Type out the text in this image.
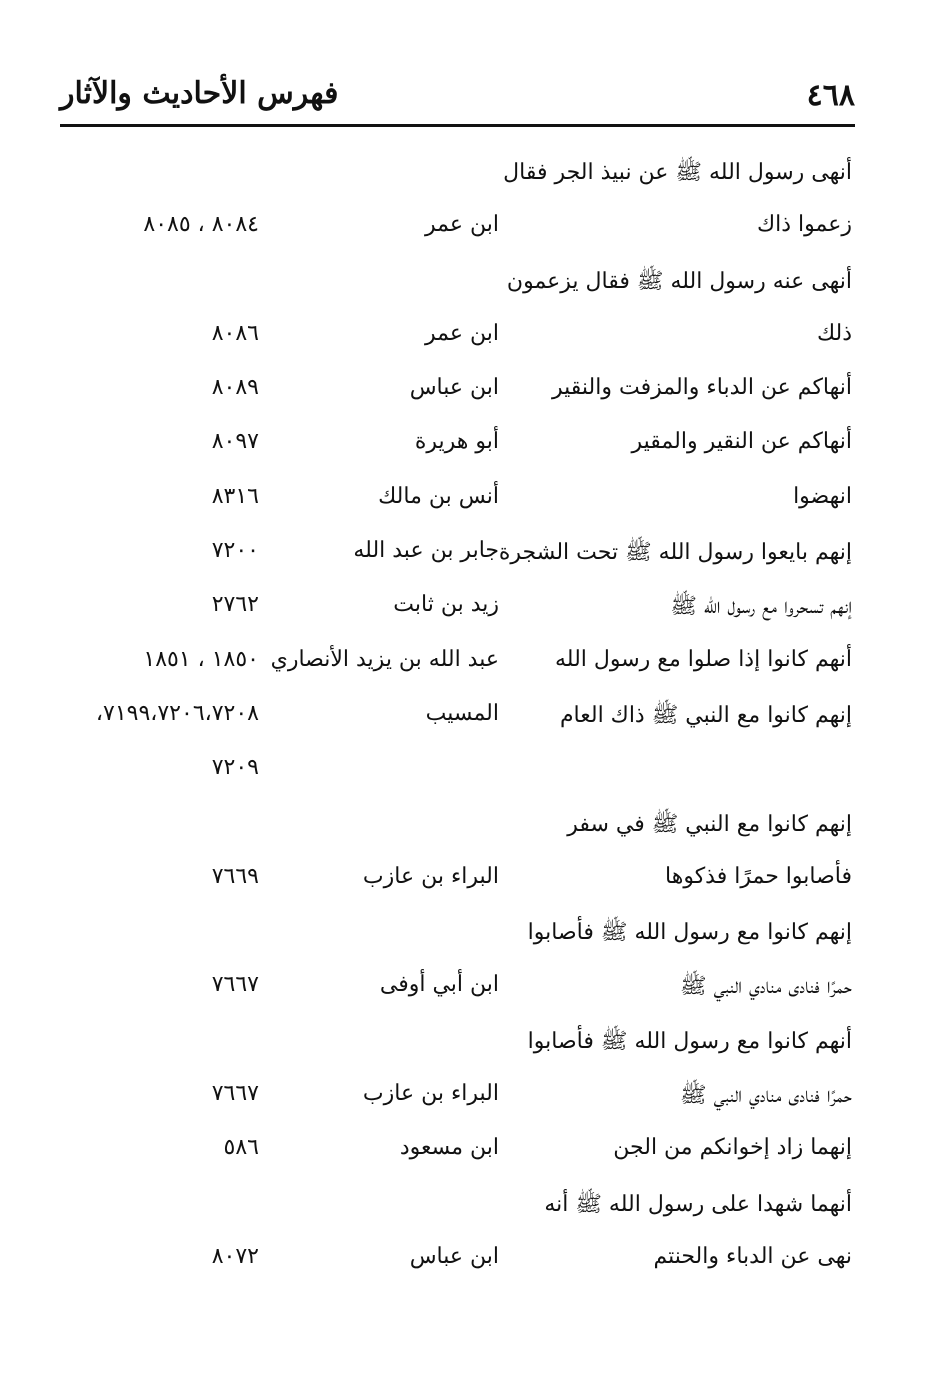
٤٦٨
فهرس الأحاديث والآثار
أنهى رسول الله ﷺ عن نبيذ الجر فقال
زعموا ذاك
ابن عمر
٨٠٨٤ ، ٨٠٨٥
أنهى عنه رسول الله ﷺ فقال يزعمون
ذلك
ابن عمر
٨٠٨٦
أنهاكم عن الدباء والمزفت والنقير
ابن عباس
٨٠٨٩
أنهاكم عن النقير والمقير
أبو هريرة
٨٠٩٧
انهضوا
أنس بن مالك
٨٣١٦
إنهم بايعوا رسول الله ﷺ تحت الشجرة
جابر بن عبد الله
٧٢٠٠
إنهم تسحروا مع رسول الله ﷺ
زيد بن ثابت
٢٧٦٢
أنهم كانوا إذا صلوا مع رسول الله
عبد الله بن يزيد الأنصاري
١٨٥٠ ، ١٨٥١
إنهم كانوا مع النبي ﷺ ذاك العام
المسيب
٧١٩٩،٧٢٠٦،٧٢٠٨،
٧٢٠٩
إنهم كانوا مع النبي ﷺ في سفر
فأصابوا حمرًا فذكوها
البراء بن عازب
٧٦٦٩
إنهم كانوا مع رسول الله ﷺ فأصابوا
حمرًا فنادى منادي النبي ﷺ
ابن أبي أوفى
٧٦٦٧
أنهم كانوا مع رسول الله ﷺ فأصابوا
حمرًا فنادى منادي النبي ﷺ
البراء بن عازب
٧٦٦٧
إنهما زاد إخوانكم من الجن
ابن مسعود
٥٨٦
أنهما شهدا على رسول الله ﷺ أنه
نهى عن الدباء والحنتم
ابن عباس
٨٠٧٢
